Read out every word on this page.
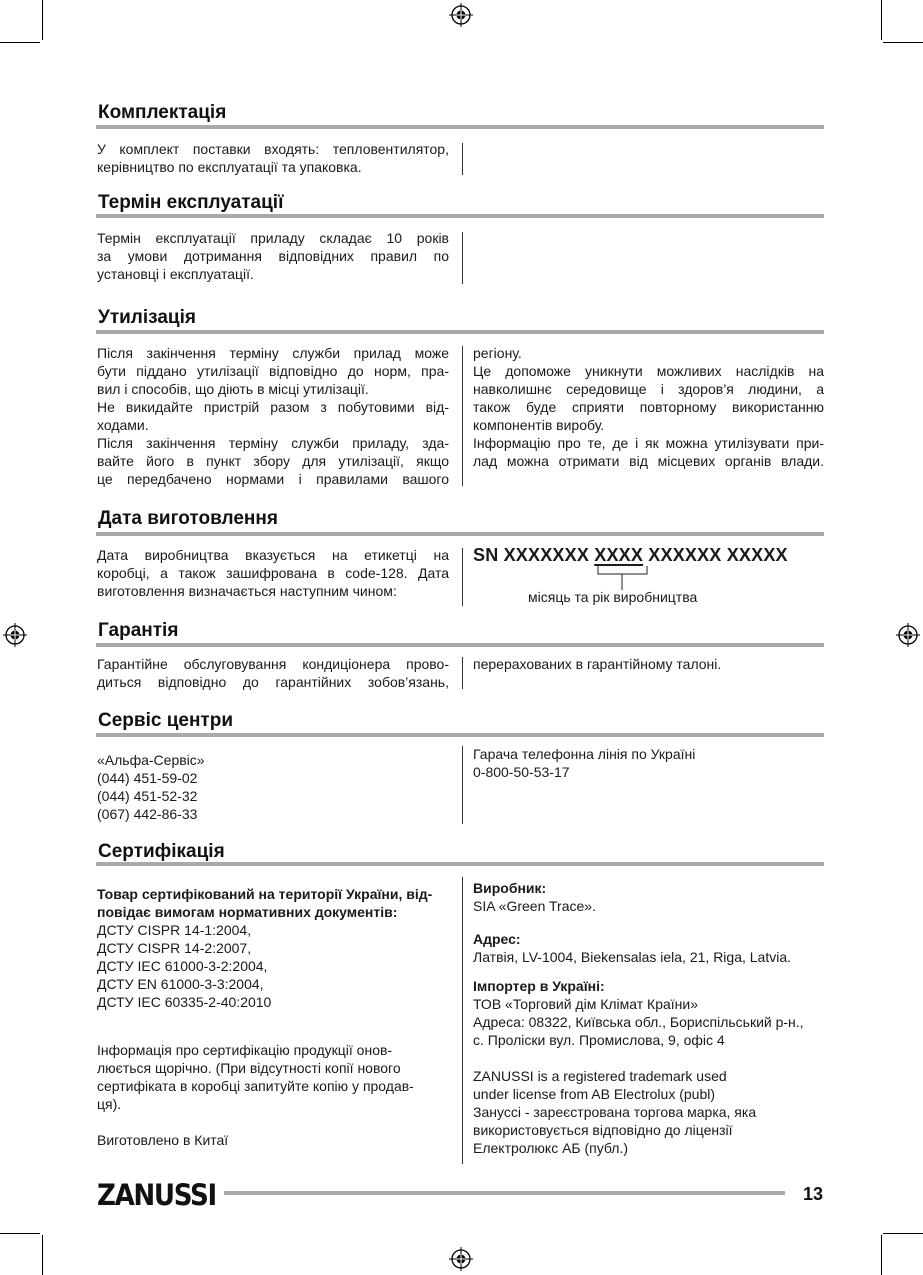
Комплектація
У комплект поставки входять: тепловентилятор,
керівництво по експлуатації та упаковка.
Термін експлуатації
Термін експлуатації приладу складає 10 років
за умови дотримання відповідних правил по
установці і експлуатації.
Утилізація
Після закінчення терміну служби прилад може
бути піддано утилізації відповідно до норм, пра-
вил і способів, що діють в місці утилізації.
Не викидайте пристрій разом з побутовими від-
ходами.
Після закінчення терміну служби приладу, зда-
вайте його в пункт збору для утилізації, якщо
це передбачено нормами і правилами вашого
регіону.
Це допоможе уникнути можливих наслідків на
навколишнє середовище і здоров’я людини, а
також буде сприяти повторному використанню
компонентів виробу.
Інформацію про те, де і як можна утилізувати при-
лад можна отримати від місцевих органів влади.
Дата виготовлення
Дата виробництва вказується на етикетці на
коробці, а також зашифрована в code-128. Дата
виготовлення визначається наступним чином:
SN XXXXXXX XXXX XXXXXX XXXXX
місяць та рік виробництва
Гарантія
Гарантійне обслуговування кондиціонера прово-
диться відповідно до гарантійних зобов’язань,
перерахованих в гарантійному талоні.
Сервіс центри
«Альфа-Сервіс»
(044) 451-59-02
(044) 451-52-32
(067) 442-86-33
Гарача телефонна лінія по Україні
0-800-50-53-17
Сертифікація
Товар сертифікований на території України, від-
повідає вимогам нормативних документів:
ДСТУ CISPR 14-1:2004,
ДСТУ CISPR 14-2:2007,
ДСТУ IEC 61000-3-2:2004,
ДСТУ EN 61000-3-3:2004,
ДСТУ IEC 60335-2-40:2010
Інформація про сертифікацію продукції онов-
люється щорічно. (При відсутності копії нового
сертифіката в коробці запитуйте копію у продав-
ця).
Виготовлено в Китаї
Виробник:
SIA «Green Trace».
Адрес:
Латвія, LV-1004, Biekensalas iela, 21, Riga, Latvia.
Імпортер в Україні:
ТОВ «Торговий дім Клімат Країни»
Адреса: 08322, Київська обл., Бориспільський р-н.,
с. Проліски вул. Промислова, 9, офіс 4
ZANUSSI is a registered trademark used
under license from AB Electrolux (publ)
Зануссі - зареєстрована торгова марка, яка
використовується відповідно до ліцензії
Електролюкс АБ (публ.)
ZANUSSI	13
